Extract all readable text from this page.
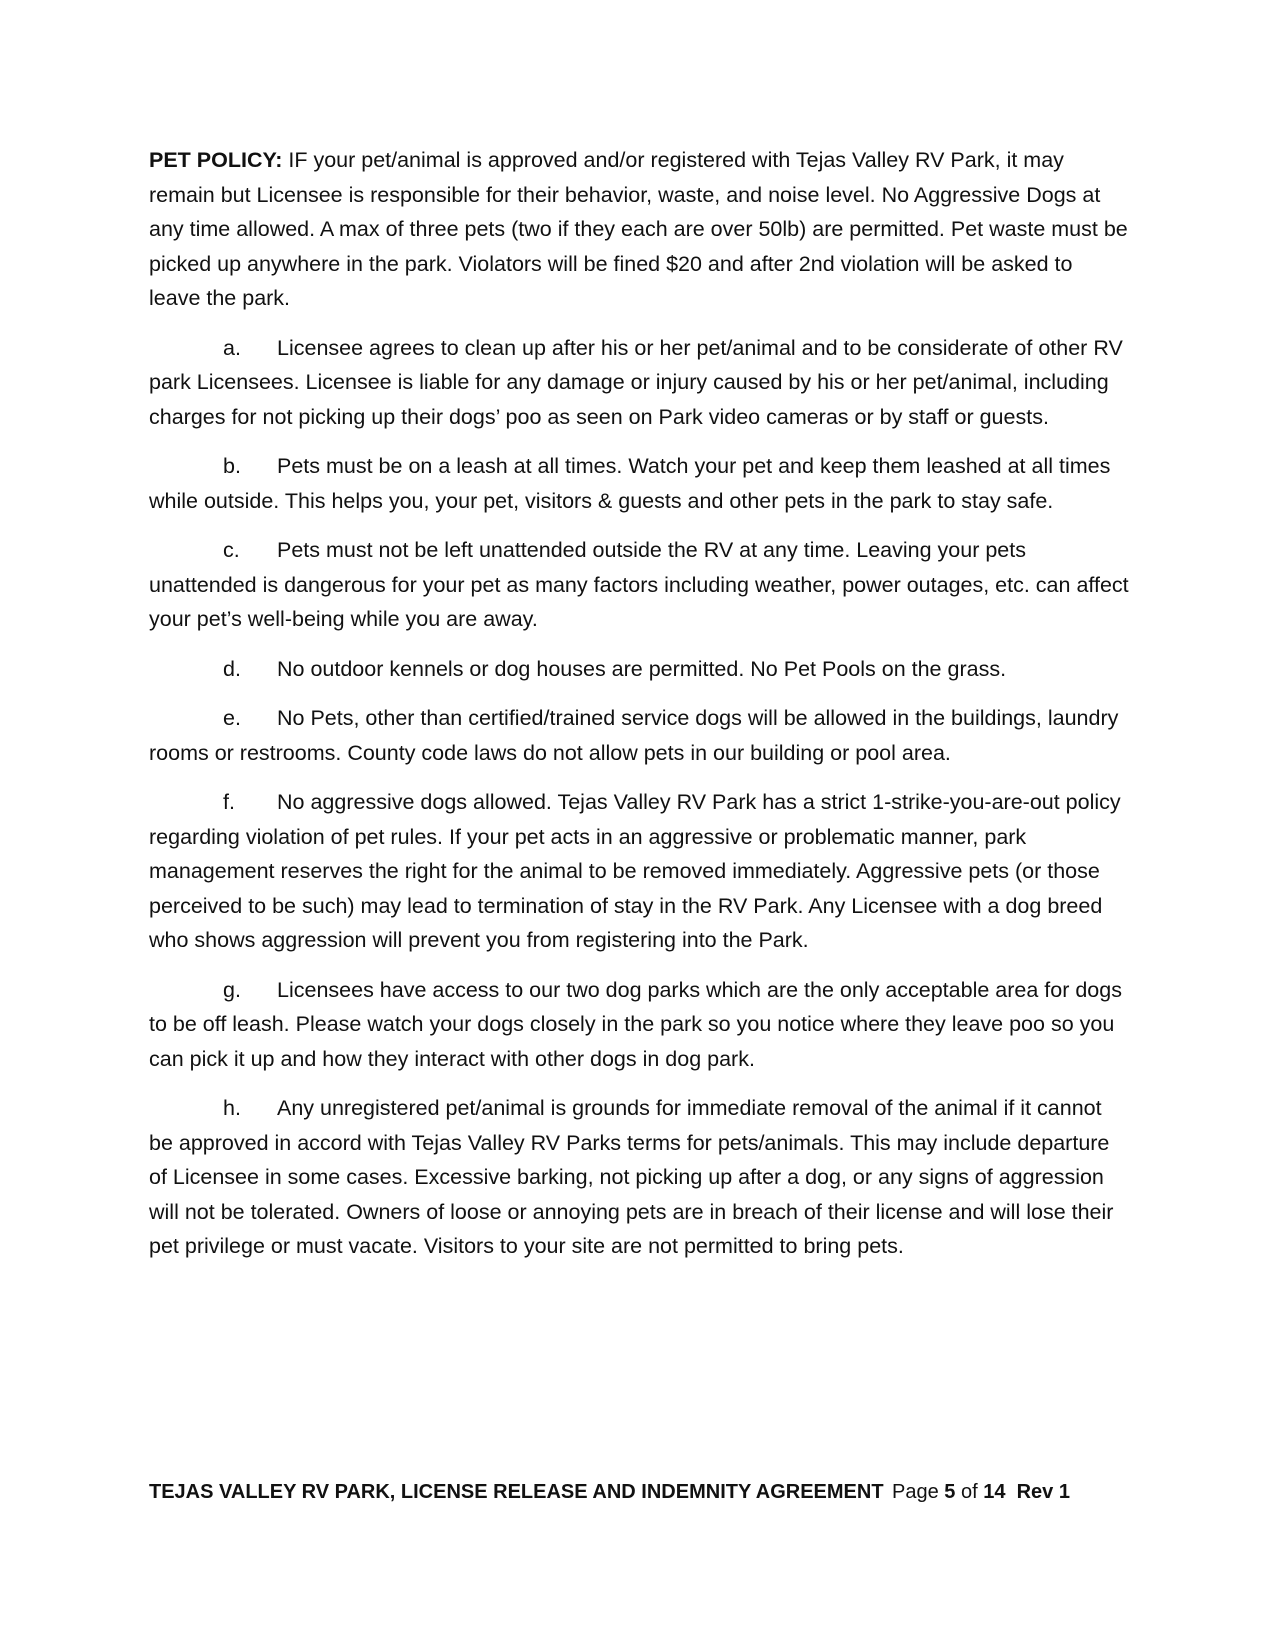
PET POLICY: IF your pet/animal is approved and/or registered with Tejas Valley RV Park, it may remain but Licensee is responsible for their behavior, waste, and noise level. No Aggressive Dogs at any time allowed. A max of three pets (two if they each are over 50lb) are permitted. Pet waste must be picked up anywhere in the park. Violators will be fined $20 and after 2nd violation will be asked to leave the park.

a. Licensee agrees to clean up after his or her pet/animal and to be considerate of other RV park Licensees. Licensee is liable for any damage or injury caused by his or her pet/animal, including charges for not picking up their dogs’ poo as seen on Park video cameras or by staff or guests.

b. Pets must be on a leash at all times. Watch your pet and keep them leashed at all times while outside. This helps you, your pet, visitors & guests and other pets in the park to stay safe.

c. Pets must not be left unattended outside the RV at any time. Leaving your pets unattended is dangerous for your pet as many factors including weather, power outages, etc. can affect your pet’s well-being while you are away.

d. No outdoor kennels or dog houses are permitted. No Pet Pools on the grass.

e. No Pets, other than certified/trained service dogs will be allowed in the buildings, laundry rooms or restrooms. County code laws do not allow pets in our building or pool area.

f. No aggressive dogs allowed. Tejas Valley RV Park has a strict 1-strike-you-are-out policy regarding violation of pet rules. If your pet acts in an aggressive or problematic manner, park management reserves the right for the animal to be removed immediately. Aggressive pets (or those perceived to be such) may lead to termination of stay in the RV Park. Any Licensee with a dog breed who shows aggression will prevent you from registering into the Park.

g. Licensees have access to our two dog parks which are the only acceptable area for dogs to be off leash. Please watch your dogs closely in the park so you notice where they leave poo so you can pick it up and how they interact with other dogs in dog park.

h. Any unregistered pet/animal is grounds for immediate removal of the animal if it cannot be approved in accord with Tejas Valley RV Parks terms for pets/animals. This may include departure of Licensee in some cases. Excessive barking, not picking up after a dog, or any signs of aggression will not be tolerated. Owners of loose or annoying pets are in breach of their license and will lose their pet privilege or must vacate. Visitors to your site are not permitted to bring pets.

TEJAS VALLEY RV PARK, LICENSE RELEASE AND INDEMNITY AGREEMENT Page 5 of 14 Rev 1
